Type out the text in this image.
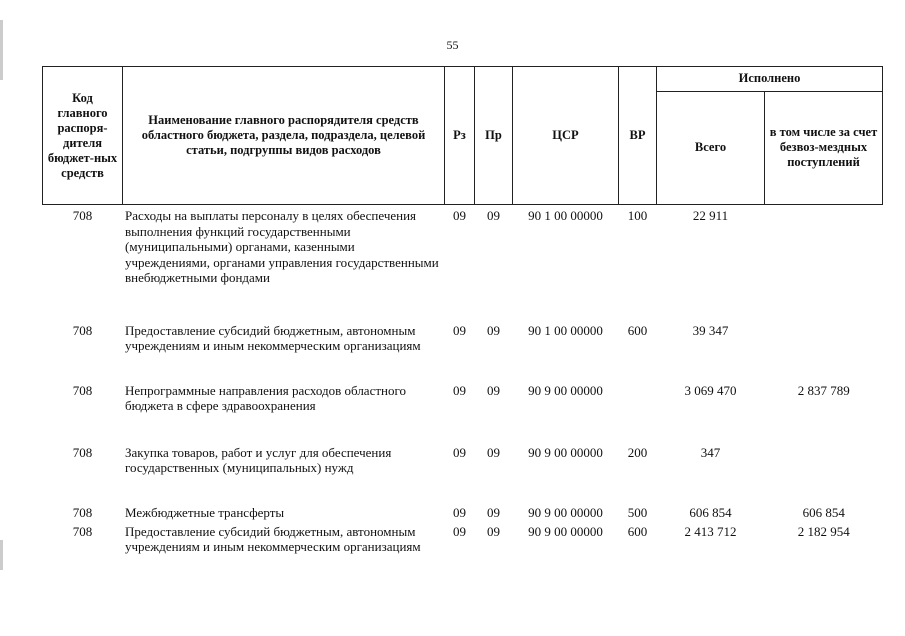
55
Код главного распоря-дителя бюджет-ных средств	Наименование главного распорядителя средств областного бюджета, раздела, подраздела, целевой статьи, подгруппы видов расходов	Рз	Пр	ЦСР	ВР	Исполнено	
						Всего	в том числе за счет безвоз-мездных поступлений
708	Расходы на выплаты персоналу в целях обеспечения выполнения функций государственными (муниципальными) органами, казенными учреждениями, органами управления государственными внебюджетными фондами	09	09	90 1 00 00000	100	22 911	
708	Предоставление субсидий бюджетным, автономным учреждениям и иным некоммерческим организациям	09	09	90 1 00 00000	600	39 347	
708	Непрограммные направления расходов областного бюджета в сфере здравоохранения	09	09	90 9 00 00000		3 069 470	2 837 789
708	Закупка товаров, работ и услуг для обеспечения государственных (муниципальных) нужд	09	09	90 9 00 00000	200	347	
708	Межбюджетные трансферты	09	09	90 9 00 00000	500	606 854	606 854
708	Предоставление субсидий бюджетным, автономным учреждениям и иным некоммерческим организациям	09	09	90 9 00 00000	600	2 413 712	2 182 954
